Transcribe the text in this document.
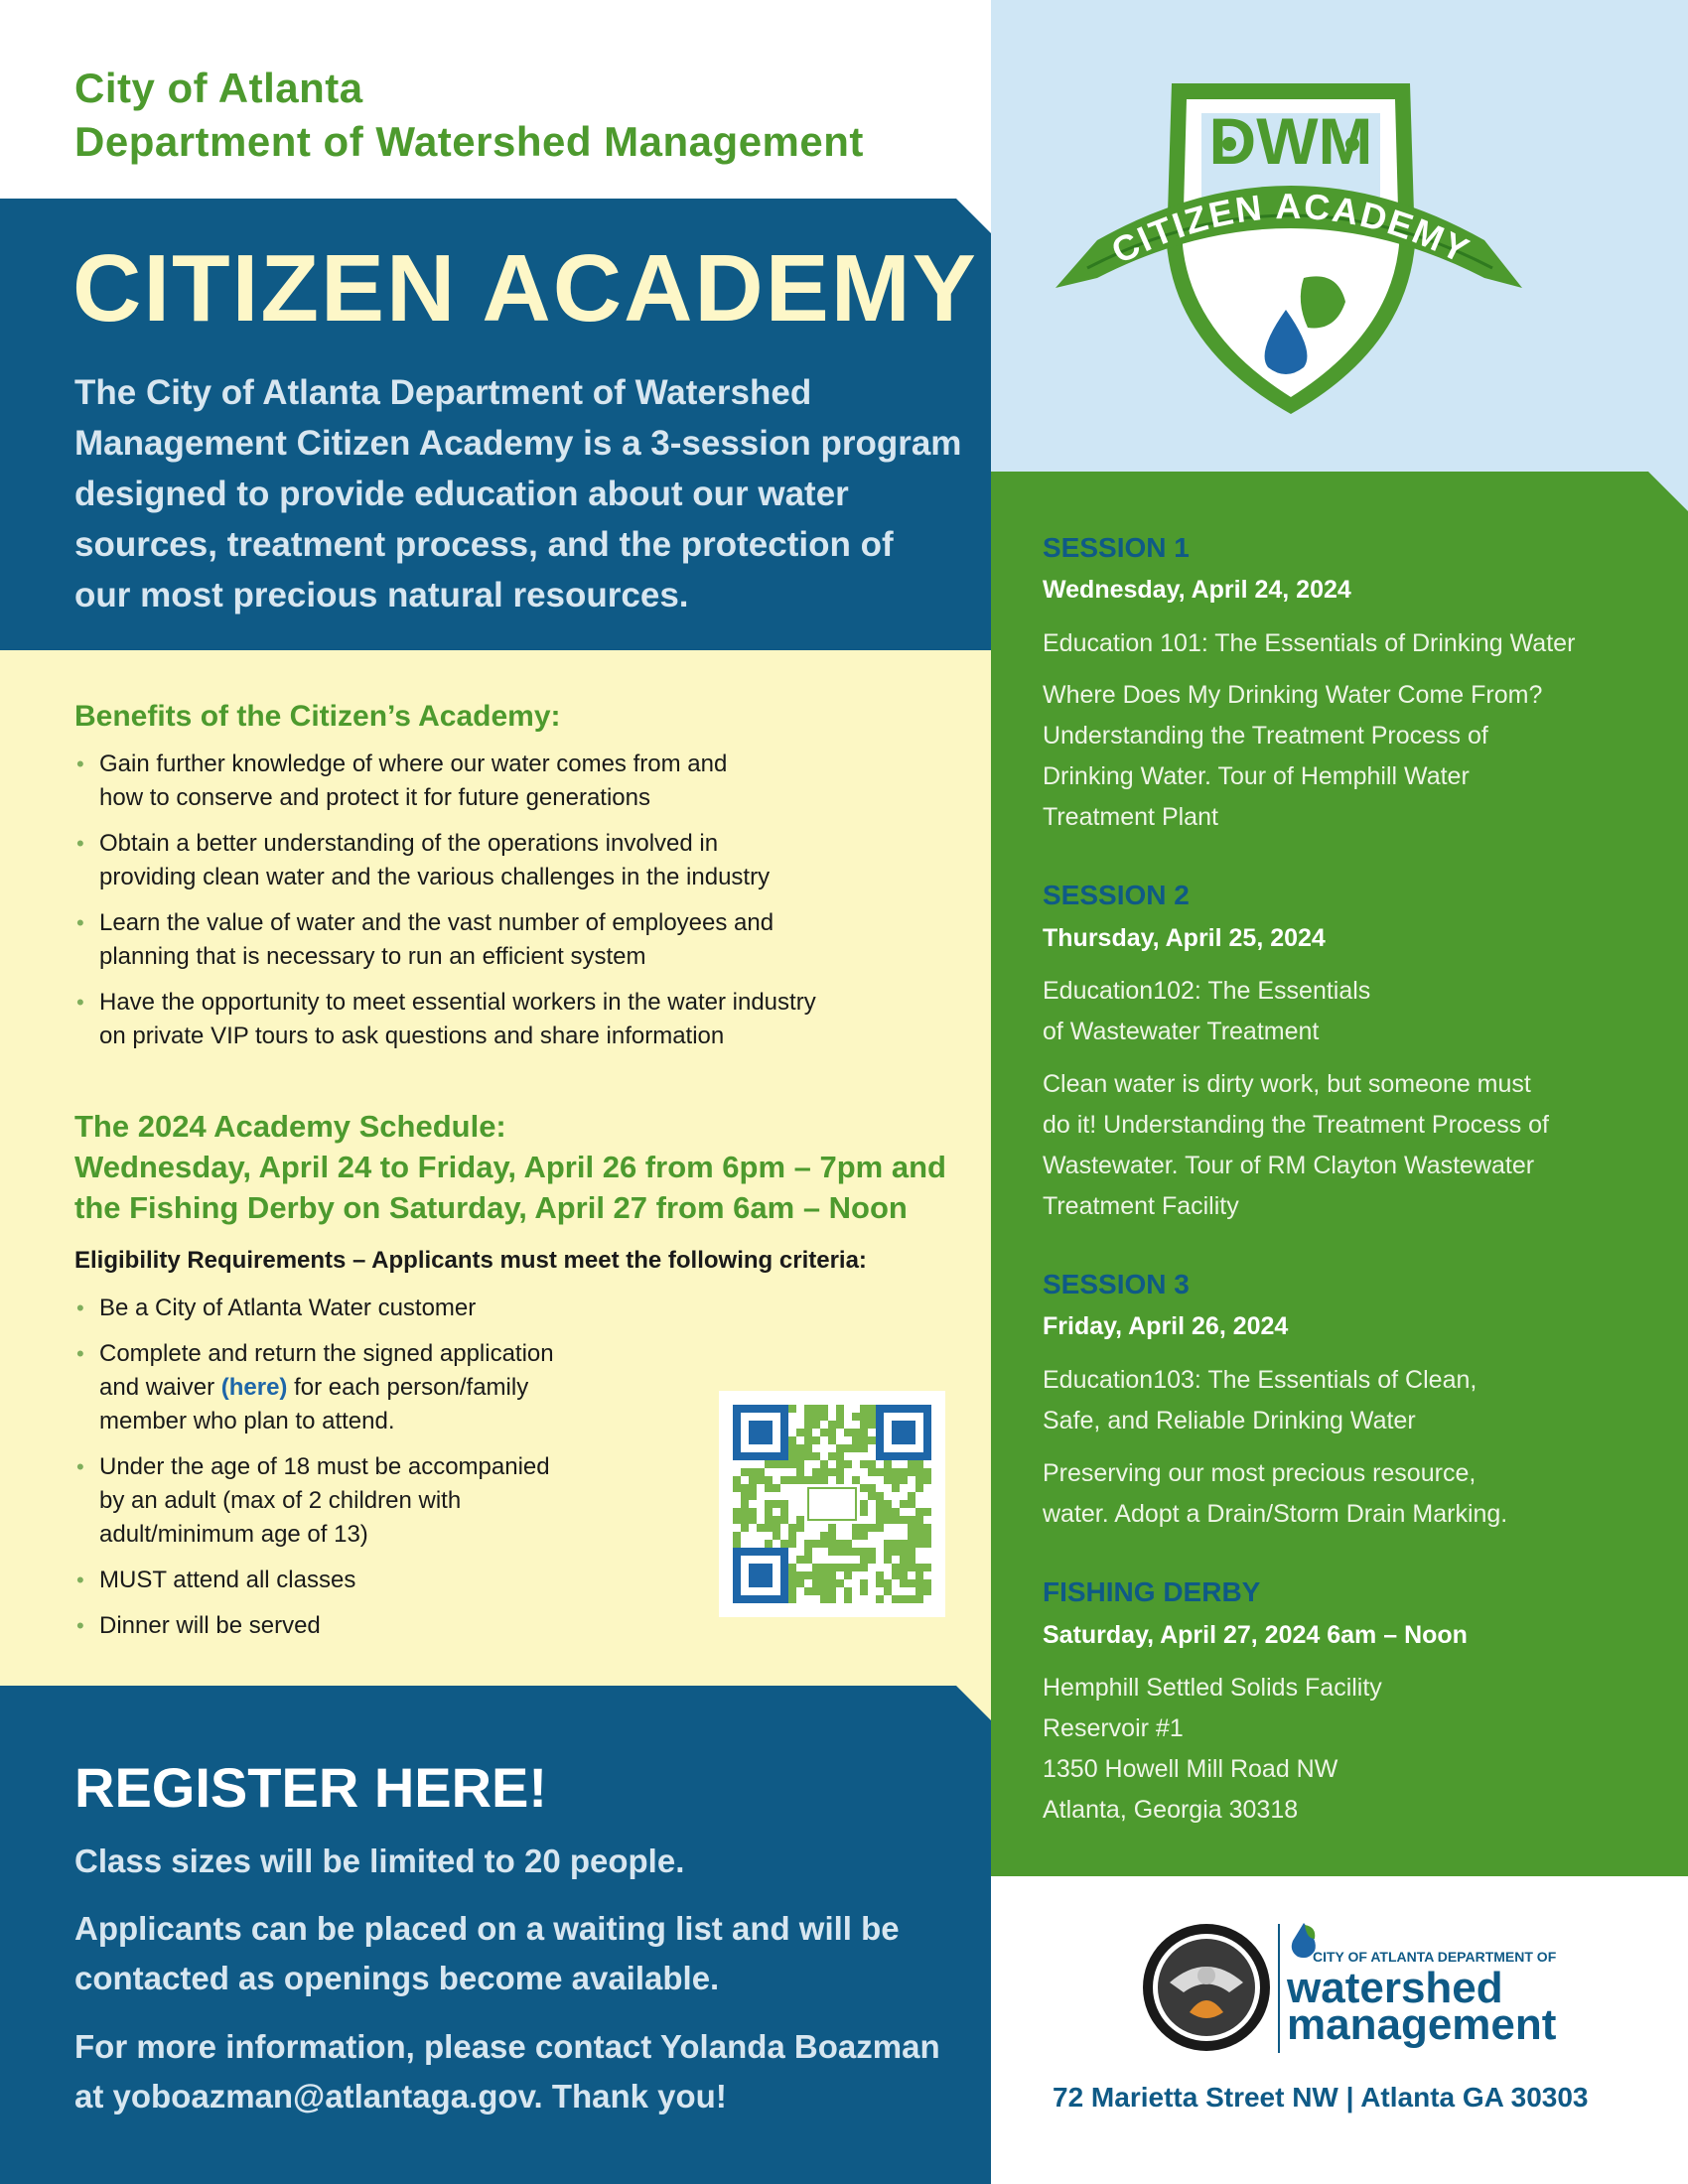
City of Atlanta
Department of Watershed Management
CITIZEN ACADEMY
The City of Atlanta Department of Watershed
Management Citizen Academy is a 3-session program
designed to provide education about our water
sources, treatment process, and the protection of
our most precious natural resources.
Benefits of the Citizen’s Academy:
• Gain further knowledge of where our water comes from and
how to conserve and protect it for future generations
• Obtain a better understanding of the operations involved in
providing clean water and the various challenges in the industry
• Learn the value of water and the vast number of employees and
planning that is necessary to run an efficient system
• Have the opportunity to meet essential workers in the water industry
on private VIP tours to ask questions and share information
The 2024 Academy Schedule:
Wednesday, April 24 to Friday, April 26 from 6pm – 7pm and
the Fishing Derby on Saturday, April 27 from 6am – Noon
Eligibility Requirements – Applicants must meet the following criteria:
• Be a City of Atlanta Water customer
• Complete and return the signed application
and waiver (here) for each person/family
member who plan to attend.
• Under the age of 18 must be accompanied
by an adult (max of 2 children with
adult/minimum age of 13)
• MUST attend all classes
• Dinner will be served
REGISTER HERE!
Class sizes will be limited to 20 people.
Applicants can be placed on a waiting list and will be
contacted as openings become available.
For more information, please contact Yolanda Boazman
at yoboazman@atlantaga.gov. Thank you!
DWM
CITIZEN ACADEMY
SESSION 1
Wednesday, April 24, 2024
Education 101: The Essentials of Drinking Water
Where Does My Drinking Water Come From?
Understanding the Treatment Process of
Drinking Water. Tour of Hemphill Water
Treatment Plant
SESSION 2
Thursday, April 25, 2024
Education102: The Essentials
of Wastewater Treatment
Clean water is dirty work, but someone must
do it! Understanding the Treatment Process of
Wastewater. Tour of RM Clayton Wastewater
Treatment Facility
SESSION 3
Friday, April 26, 2024
Education103: The Essentials of Clean,
Safe, and Reliable Drinking Water
Preserving our most precious resource,
water. Adopt a Drain/Storm Drain Marking.
FISHING DERBY
Saturday, April 27, 2024 6am – Noon
Hemphill Settled Solids Facility
Reservoir #1
1350 Howell Mill Road NW
Atlanta, Georgia 30318
CITY OF ATLANTA DEPARTMENT OF
watershed
management
72 Marietta Street NW | Atlanta GA 30303
